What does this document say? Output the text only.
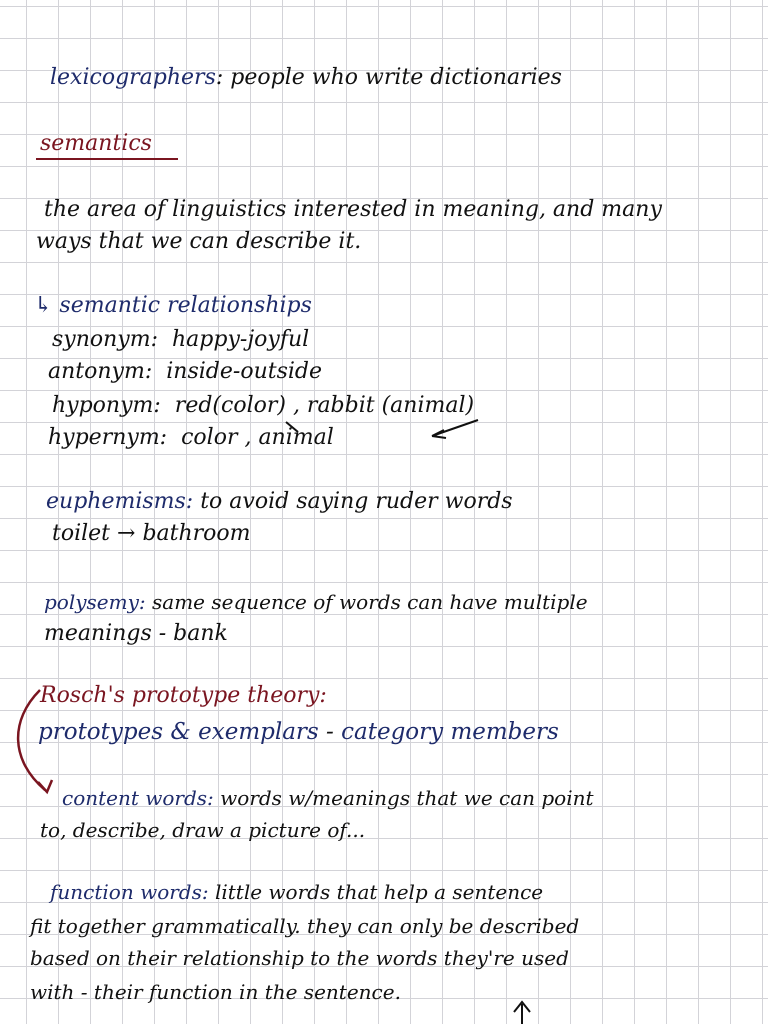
lexicographers: people who write dictionaries
semantics
the area of linguistics interested in meaning, and many
ways that we can describe it.
↳ semantic relationships
synonym: happy-joyful
antonym: inside-outside
hyponym: red(color) , rabbit (animal)
hypernym: color , animal
euphemisms: to avoid saying ruder words
toilet → bathroom
polysemy: same sequence of words can have multiple
meanings - bank
Rosch's prototype theory:
prototypes & exemplars - category members
content words: words w/meanings that we can point
to, describe, draw a picture of...
function words: little words that help a sentence
fit together grammatically. they can only be described
based on their relationship to the words they're used
with - their function in the sentence.
